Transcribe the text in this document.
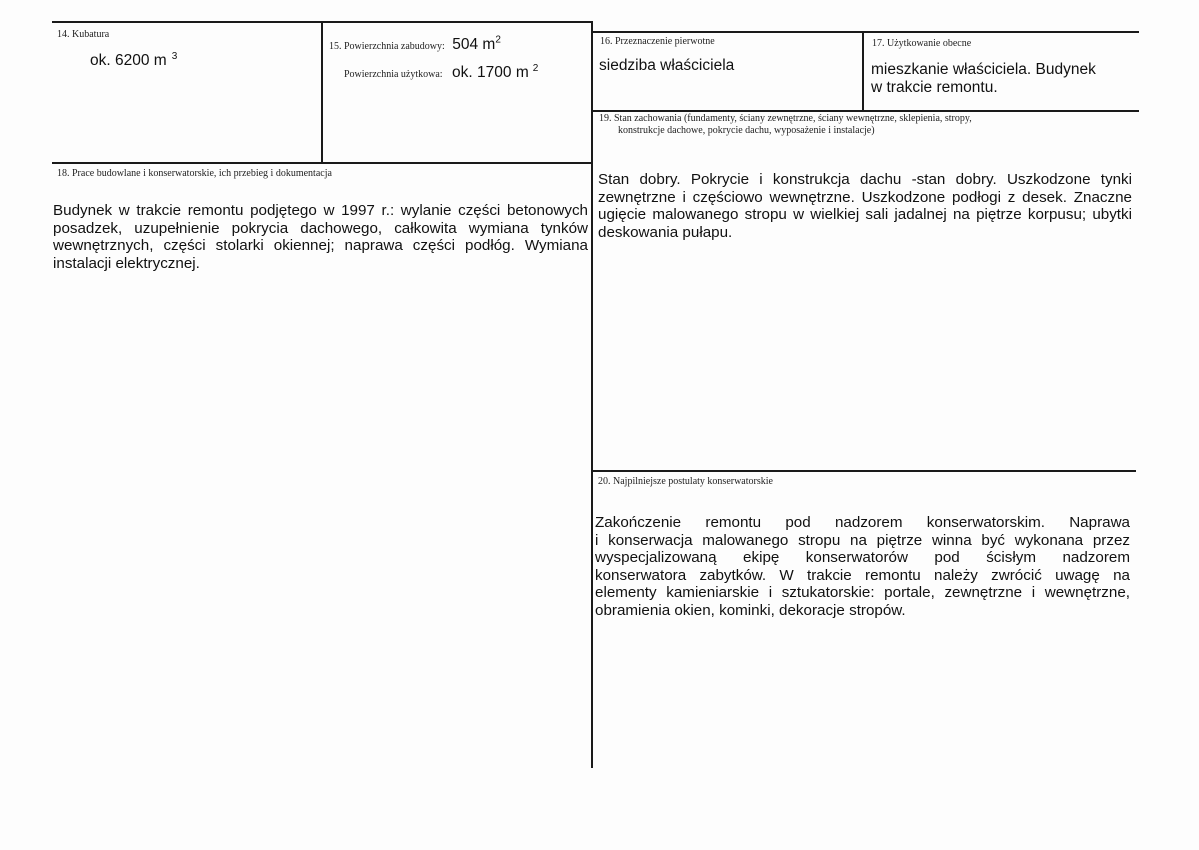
14. Kubatura
ok. 6200 m $^3$
15. Powierzchnia zabudowy: 504 $m^2$
Powierzchnia użytkowa: ok. 1700 m $^2$
16. Przeznaczenie pierwotne
siedziba właściciela
17. Użytkowanie obecne
mieszkanie właściciela. Budynek
w trakcie remontu.
19. Stan zachowania (fundamenty, ściany zewnętrzne, ściany wewnętrzne, sklepienia, stropy,
konstrukcje dachowe, pokrycie dachu, wyposażenie i instalacje)
18. Prace budowlane i konserwatorskie, ich przebieg i dokumentacja
Budynek w trakcie remontu podjętego w 1997 r.: wylanie części betonowych
posadzek, uzupełnienie pokrycia dachowego, całkowita wymiana tynków
wewnętrznych, części stolarki okiennej; naprawa części podłóg. Wymiana
instalacji elektrycznej.
Stan dobry. Pokrycie i konstrukcja dachu -stan dobry. Uszkodzone tynki
zewnętrzne i częściowo wewnętrzne. Uszkodzone podłogi z desek. Znaczne
ugięcie malowanego stropu w wielkiej sali jadalnej na piętrze korpusu; ubytki
deskowania pułapu.
20. Najpilniejsze postulaty konserwatorskie
Zakończenie remontu pod nadzorem konserwatorskim. Naprawa
i konserwacja malowanego stropu na piętrze winna być wykonana przez
wyspecjalizowaną ekipę konserwatorów pod ścisłym nadzorem
konserwatora zabytków. W trakcie remontu należy zwrócić uwagę na
elementy kamieniarskie i sztukatorskie: portale, zewnętrzne i wewnętrzne,
obramienia okien, kominki, dekoracje stropów.
